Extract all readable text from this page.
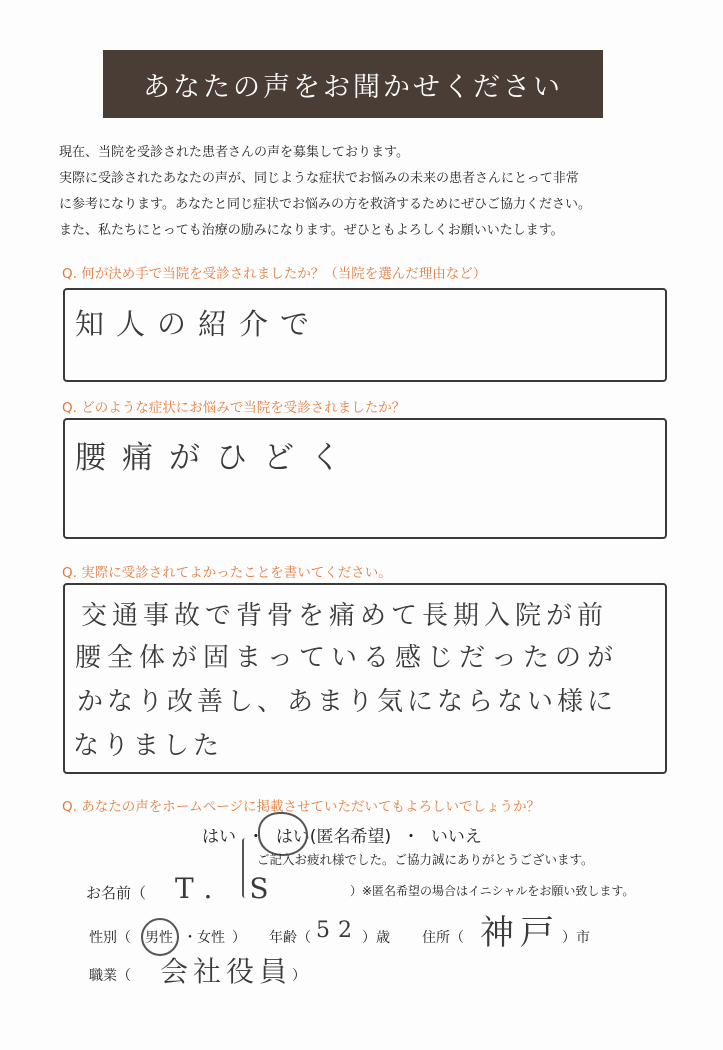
あなたの声をお聞かせください
現在、当院を受診された患者さんの声を募集しております。
実際に受診されたあなたの声が、同じような症状でお悩みの未来の患者さんにとって非常
に参考になります。あなたと同じ症状でお悩みの方を救済するためにぜひご協力ください。
また、私たちにとっても治療の励みになります。ぜひともよろしくお願いいたします。
Q. 何が決め手で当院を受診されましたか？（当院を選んだ理由など）
知人の紹介で
Q. どのような症状にお悩みで当院を受診されましたか？
腰痛がひどく
Q. 実際に受診されてよかったことを書いてください。
交通事故で背骨を痛めて長期入院が前
腰全体が固まっている感じだったのが
かなり改善し、あまり気にならない様に
なりました
Q. あなたの声をホームページに掲載させていただいてもよろしいでしょうか？
はい ・ はい(匿名希望) ・ いいえ
ご記入お疲れ様でした。ご協力誠にありがとうございます。
お名前（ T. S	）※匿名希望の場合はイニシャルをお願い致します。
性別（ 男性 ・ 女性 ） 年齢（ 52 ）歳 住所（ 神戸 ）市
職業（ 会社役員 ）
